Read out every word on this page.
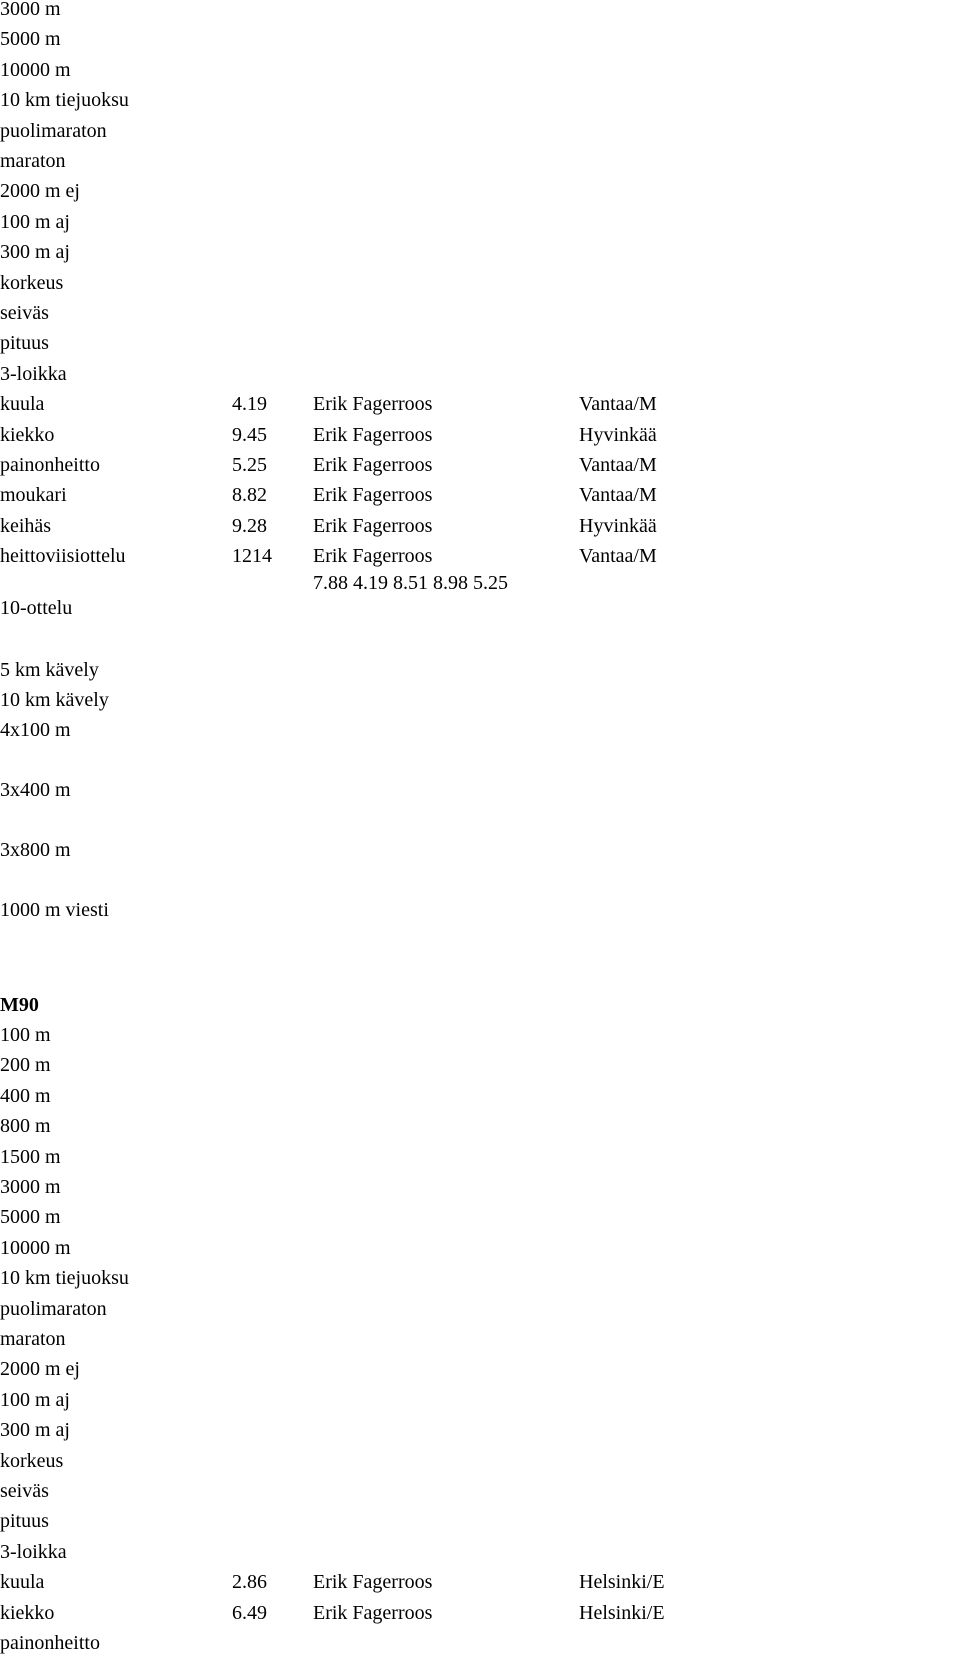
3000 m
5000 m
10000 m
10 km tiejuoksu
puolimaraton
maraton
2000 m ej
100 m aj
300 m aj
korkeus
seiväs
pituus
3-loikka
kuula	4.19 Erik Fagerroos	Vantaa/M
kiekko	9.45 Erik Fagerroos	Hyvinkää
painonheitto	5.25 Erik Fagerroos	Vantaa/M
moukari	8.82 Erik Fagerroos	Vantaa/M
keihäs	9.28 Erik Fagerroos	Hyvinkää
heittoviisiottelu	1214 Erik Fagerroos	Vantaa/M
7.88 4.19 8.51 8.98 5.25
10-ottelu
5 km kävely
10 km kävely
4x100 m
3x400 m
3x800 m
1000 m viesti
M90
100 m
200 m
400 m
800 m
1500 m
3000 m
5000 m
10000 m
10 km tiejuoksu
puolimaraton
maraton
2000 m ej
100 m aj
300 m aj
korkeus
seiväs
pituus
3-loikka
kuula	2.86 Erik Fagerroos	Helsinki/E
kiekko	6.49 Erik Fagerroos	Helsinki/E
painonheitto
